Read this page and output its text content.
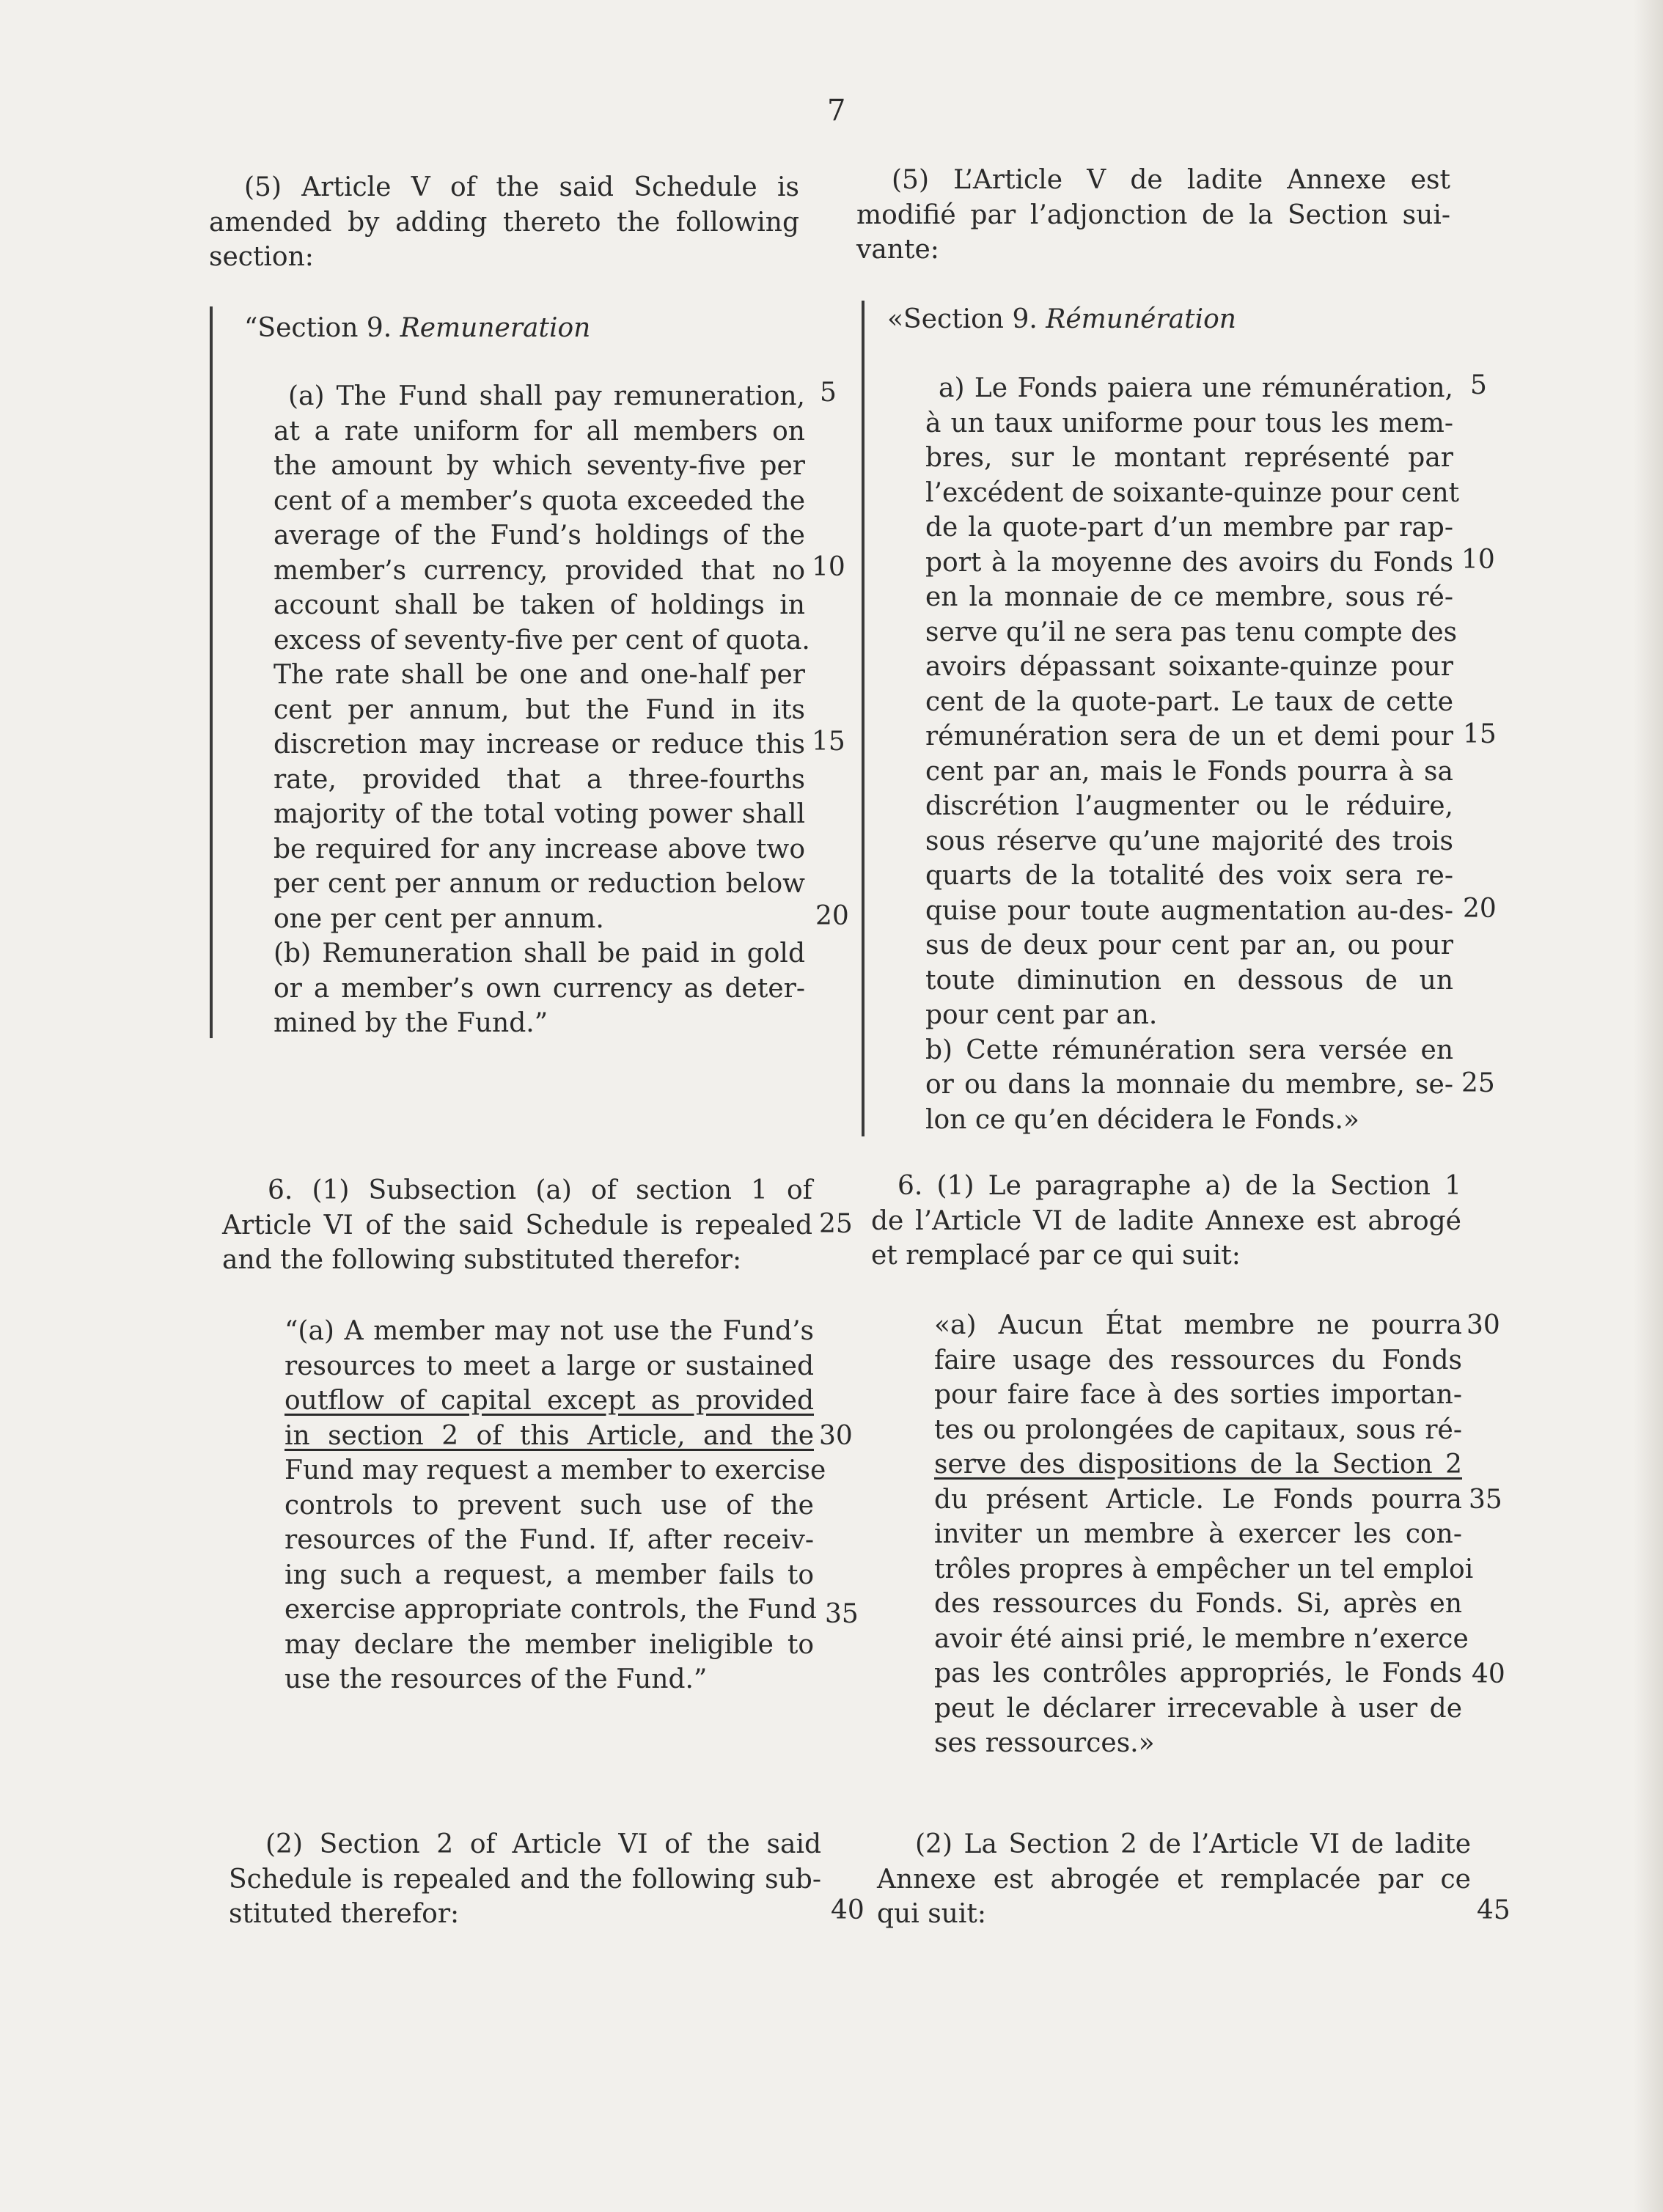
7
(5) Article V of the said Schedule is
amended by adding thereto the following
section:
(5) L’Article V de ladite Annexe est
modifié par l’adjonction de la Section sui-
vante:
“Section 9. Remuneration	«Section 9. Rémunération
(a) The Fund shall pay remuneration,
at a rate uniform for all members on
the amount by which seventy-five per
cent of a member’s quota exceeded the
average of the Fund’s holdings of the
member’s currency, provided that no
account shall be taken of holdings in
excess of seventy-five per cent of quota.
The rate shall be one and one-half per
cent per annum, but the Fund in its
discretion may increase or reduce this
rate, provided that a three-fourths
majority of the total voting power shall
be required for any increase above two
per cent per annum or reduction below
one per cent per annum.
(b) Remuneration shall be paid in gold
or a member’s own currency as deter-
mined by the Fund.”
a) Le Fonds paiera une rémunération,
à un taux uniforme pour tous les mem-
bres, sur le montant représenté par
l’excédent de soixante-quinze pour cent
de la quote-part d’un membre par rap-
port à la moyenne des avoirs du Fonds
en la monnaie de ce membre, sous ré-
serve qu’il ne sera pas tenu compte des
avoirs dépassant soixante-quinze pour
cent de la quote-part. Le taux de cette
rémunération sera de un et demi pour
cent par an, mais le Fonds pourra à sa
discrétion l’augmenter ou le réduire,
sous réserve qu’une majorité des trois
quarts de la totalité des voix sera re-
quise pour toute augmentation au-des-
sus de deux pour cent par an, ou pour
toute diminution en dessous de un
pour cent par an.
b) Cette rémunération sera versée en
or ou dans la monnaie du membre, se-
lon ce qu’en décidera le Fonds.»
6. (1) Subsection (a) of section 1 of
Article VI of the said Schedule is repealed
and the following substituted therefor:
6. (1) Le paragraphe a) de la Section 1
de l’Article VI de ladite Annexe est abrogé
et remplacé par ce qui suit:
“(a) A member may not use the Fund’s
resources to meet a large or sustained
outflow of capital except as provided
in section 2 of this Article, and the
Fund may request a member to exercise
controls to prevent such use of the
resources of the Fund. If, after receiv-
ing such a request, a member fails to
exercise appropriate controls, the Fund
may declare the member ineligible to
use the resources of the Fund.”
«a) Aucun État membre ne pourra
faire usage des ressources du Fonds
pour faire face à des sorties importan-
tes ou prolongées de capitaux, sous ré-
serve des dispositions de la Section 2
du présent Article. Le Fonds pourra
inviter un membre à exercer les con-
trôles propres à empêcher un tel emploi
des ressources du Fonds. Si, après en
avoir été ainsi prié, le membre n’exerce
pas les contrôles appropriés, le Fonds
peut le déclarer irrecevable à user de
ses ressources.»
(2) Section 2 of Article VI of the said
Schedule is repealed and the following sub-
stituted therefor:
(2) La Section 2 de l’Article VI de ladite
Annexe est abrogée et remplacée par ce
qui suit:
5
10
15
20
25
30
35
40
5
10
15
20
25
30
35
40
45
